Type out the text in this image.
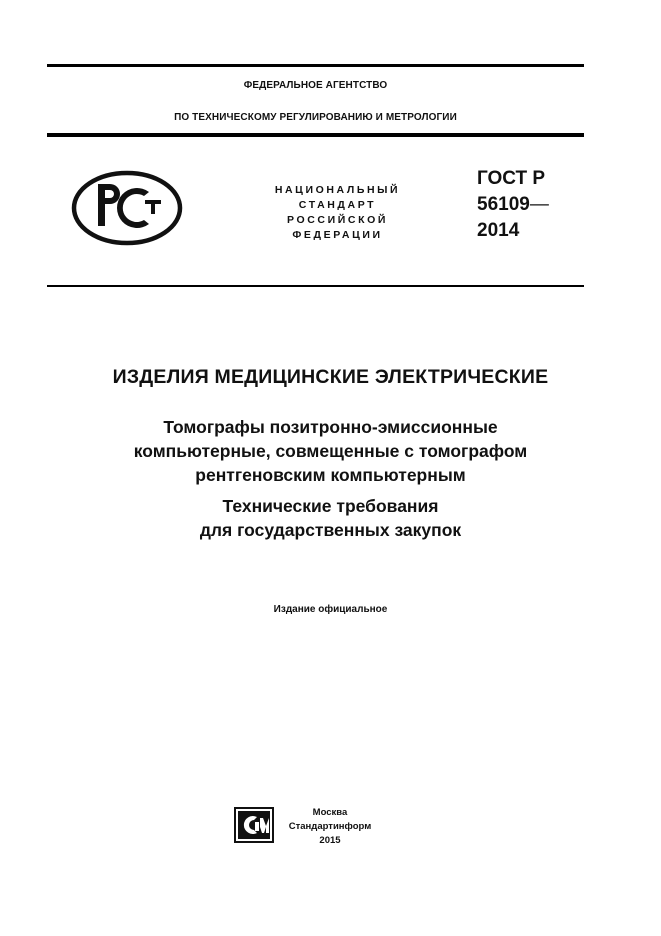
ФЕДЕРАЛЬНОЕ АГЕНТСТВО
ПО ТЕХНИЧЕСКОМУ РЕГУЛИРОВАНИЮ И МЕТРОЛОГИИ
НАЦИОНАЛЬНЫЙ
СТАНДАРТ
РОССИЙСКОЙ
ФЕДЕРАЦИИ
ГОСТ Р
56109—
2014
ИЗДЕЛИЯ МЕДИЦИНСКИЕ ЭЛЕКТРИЧЕСКИЕ
Томографы позитронно-эмиссионные
компьютерные, совмещенные с томографом
рентгеновским компьютерным
Технические требования
для государственных закупок
Издание официальное
Москва
Стандартинформ
2015
